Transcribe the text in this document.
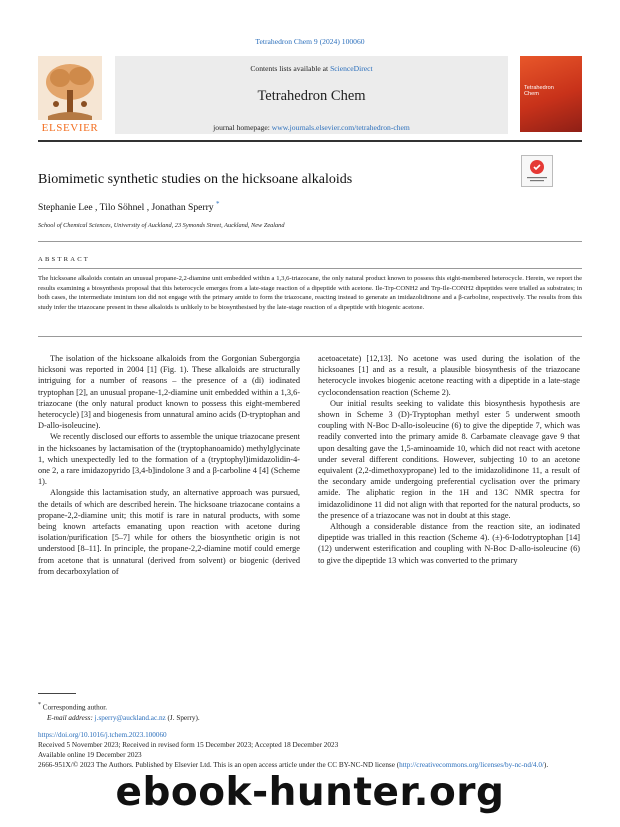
Tetrahedron Chem 9 (2024) 100060
Contents lists available at ScienceDirect
Tetrahedron Chem
journal homepage: www.journals.elsevier.com/tetrahedron-chem
ELSEVIER
Tetrahedron
Chem
Biomimetic synthetic studies on the hicksoane alkaloids
Stephanie Lee , Tilo Söhnel , Jonathan Sperry *
School of Chemical Sciences, University of Auckland, 23 Symonds Street, Auckland, New Zealand
ABSTRACT
The hicksoane alkaloids contain an unusual propane-2,2-diamine unit embedded within a 1,3,6-triazocane, the only natural product known to possess this eight-membered heterocycle. Herein, we report the results examining a biosynthesis proposal that this heterocycle emerges from a late-stage reaction of a dipeptide with acetone. Ile-Trp-CONH2 and Trp-Ile-CONH2 dipeptides were trialled as substrates; in both cases, the intermediate iminium ion did not engage with the primary amide to form the triazocane, reacting instead to generate an imidazolidinone and a β-carboline, respectively. The results from this study infer the triazocane present in these alkaloids is unlikely to be biosynthesised by the late-stage reaction of a dipeptide with biogenic acetone.

The isolation of the hicksoane alkaloids from the Gorgonian Subergorgia hicksoni was reported in 2004 [1] (Fig. 1). These alkaloids are structurally intriguing for a number of reasons – the presence of a (di) iodinated tryptophan [2], an unusual propane-1,2-diamine unit embedded within a 1,3,6-triazocane (the only natural product known to possess this eight-membered heterocycle) [3] and biogenesis from unnatural amino acids (D-tryptophan and D-allo-isoleucine).

We recently disclosed our efforts to assemble the unique triazocane present in the hicksoanes by lactamisation of the (tryptophanoamido) methylglycinate 1, which unexpectedly led to the formation of a (tryptophyl)imidazolidin-4-one 2, a rare imidazopyrido [3,4-b]indolone 3 and a β-carboline 4 [4] (Scheme 1).

Alongside this lactamisation study, an alternative approach was pursued, the details of which are described herein. The hicksoane triazocane contains a propane-2,2-diamine unit; this motif is rare in natural products, with some being known artefacts emanating upon reaction with acetone during isolation/purification [5–7] while for others the biosynthetic origin is not understood [8–11]. In principle, the propane-2,2-diamine motif could emerge from acetone that is unnatural (derived from solvent) or biogenic (derived from decarboxylation of

acetoacetate) [12,13]. No acetone was used during the isolation of the hicksoanes [1] and as a result, a plausible biosynthesis of the triazocane heterocycle invokes biogenic acetone reacting with a dipeptide in a late-stage cyclocondensation reaction (Scheme 2).

Our initial results seeking to validate this biosynthesis hypothesis are shown in Scheme 3 (D)-Tryptophan methyl ester 5 underwent smooth coupling with N-Boc D-allo-isoleucine (6) to give the dipeptide 7, which was readily converted into the primary amide 8. Carbamate cleavage gave 9 that upon desalting gave the 1,5-aminoamide 10, which did not react with acetone under several different conditions. However, subjecting 10 to an acetone equivalent (2,2-dimethoxypropane) led to the imidazolidinone 11, a result of the secondary amide undergoing preferential cyclisation over the primary amide. The aliphatic region in the 1H and 13C NMR spectra for imidazolidinone 11 did not align with that reported for the natural products, so the presence of a triazocane was not in doubt at this stage.

Although a considerable distance from the reaction site, an iodinated dipeptide was trialled in this reaction (Scheme 4). (±)-6-Iodotryptophan [14] (12) underwent esterification and coupling with N-Boc D-allo-isoleucine (6) to give the dipeptide 13 which was converted to the primary

* Corresponding author.
E-mail address: j.sperry@auckland.ac.nz (J. Sperry).
https://doi.org/10.1016/j.tchem.2023.100060
Received 5 November 2023; Received in revised form 15 December 2023; Accepted 18 December 2023
Available online 19 December 2023
2666-951X/© 2023 The Authors. Published by Elsevier Ltd. This is an open access article under the CC BY-NC-ND license (http://creativecommons.org/licenses/by-nc-nd/4.0/).
ebook-hunter.org
